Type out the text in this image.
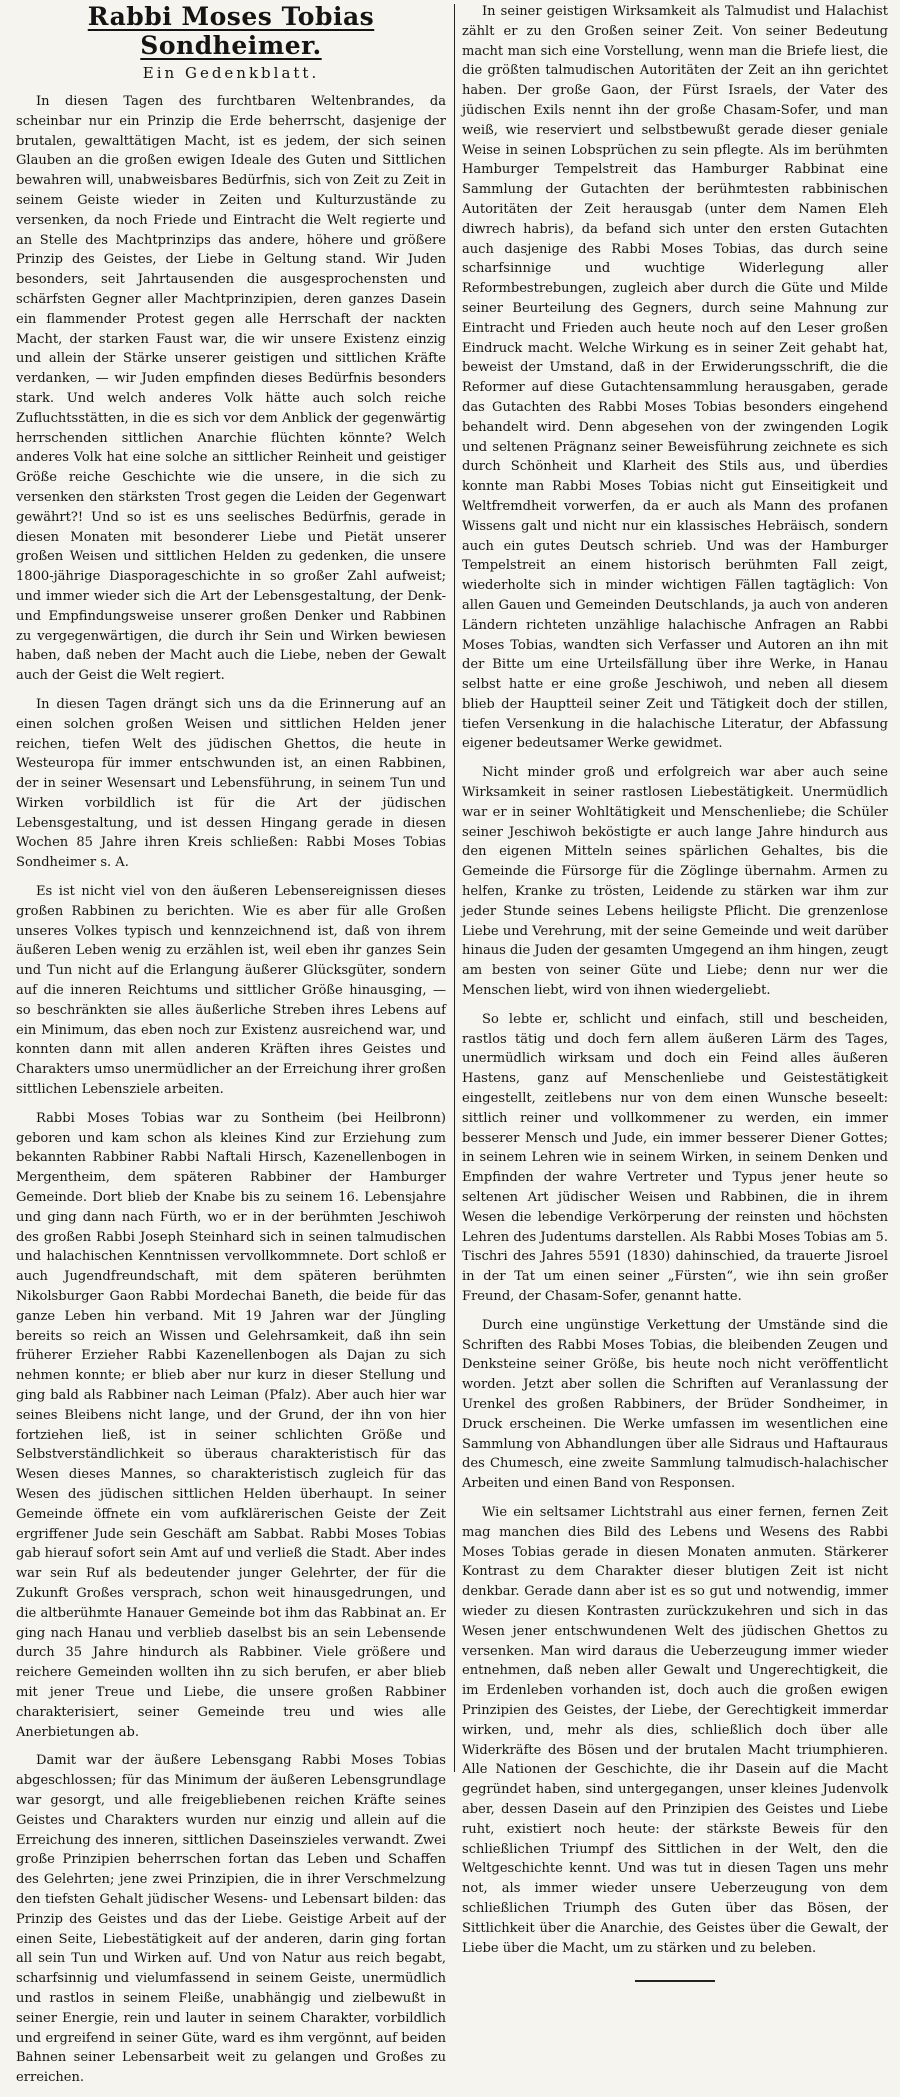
Rabbi Moses Tobias Sondheimer.
Ein Gedenkblatt.

In diesen Tagen des furchtbaren Weltenbrandes, da scheinbar nur ein Prinzip die Erde beherrscht, dasjenige der brutalen, gewalttätigen Macht, ist es jedem, der sich seinen Glauben an die großen ewigen Ideale des Guten und Sittlichen bewahren will, unabweisbares Bedürfnis, sich von Zeit zu Zeit in seinem Geiste wieder in Zeiten und Kulturzustände zu versenken, da noch Friede und Eintracht die Welt regierte und an Stelle des Machtprinzips das andere, höhere und größere Prinzip des Geistes, der Liebe in Geltung stand. Wir Juden besonders, seit Jahrtausenden die ausgesprochensten und schärfsten Gegner aller Machtprinzipien, deren ganzes Dasein ein flammender Protest gegen alle Herrschaft der nackten Macht, der starken Faust war, die wir unsere Existenz einzig und allein der Stärke unserer geistigen und sittlichen Kräfte verdanken, — wir Juden empfinden dieses Bedürfnis besonders stark. Und welch anderes Volk hätte auch solch reiche Zufluchtsstätten, in die es sich vor dem Anblick der gegenwärtig herrschenden sittlichen Anarchie flüchten könnte? Welch anderes Volk hat eine solche an sittlicher Reinheit und geistiger Größe reiche Geschichte wie die unsere, in die sich zu versenken den stärksten Trost gegen die Leiden der Gegenwart gewährt?! Und so ist es uns seelisches Bedürfnis, gerade in diesen Monaten mit besonderer Liebe und Pietät unserer großen Weisen und sittlichen Helden zu gedenken, die unsere 1800-jährige Diasporageschichte in so großer Zahl aufweist; und immer wieder sich die Art der Lebensgestaltung, der Denk- und Empfindungsweise unserer großen Denker und Rabbinen zu vergegenwärtigen, die durch ihr Sein und Wirken bewiesen haben, daß neben der Macht auch die Liebe, neben der Gewalt auch der Geist die Welt regiert.

In diesen Tagen drängt sich uns da die Erinnerung auf an einen solchen großen Weisen und sittlichen Helden jener reichen, tiefen Welt des jüdischen Ghettos, die heute in Westeuropa für immer entschwunden ist, an einen Rabbinen, der in seiner Wesensart und Lebensführung, in seinem Tun und Wirken vorbildlich ist für die Art der jüdischen Lebensgestaltung, und ist dessen Hingang gerade in diesen Wochen 85 Jahre ihren Kreis schließen: Rabbi Moses Tobias Sondheimer s. A.

Es ist nicht viel von den äußeren Lebensereignissen dieses großen Rabbinen zu berichten. Wie es aber für alle Großen unseres Volkes typisch und kennzeichnend ist, daß von ihrem äußeren Leben wenig zu erzählen ist, weil eben ihr ganzes Sein und Tun nicht auf die Erlangung äußerer Glücksgüter, sondern auf die inneren Reichtums und sittlicher Größe hinausging, — so beschränkten sie alles äußerliche Streben ihres Lebens auf ein Minimum, das eben noch zur Existenz ausreichend war, und konnten dann mit allen anderen Kräften ihres Geistes und Charakters umso unermüdlicher an der Erreichung ihrer großen sittlichen Lebensziele arbeiten.

Rabbi Moses Tobias war zu Sontheim (bei Heilbronn) geboren und kam schon als kleines Kind zur Erziehung zum bekannten Rabbiner Rabbi Naftali Hirsch, Kazenellenbogen in Mergentheim, dem späteren Rabbiner der Hamburger Gemeinde. Dort blieb der Knabe bis zu seinem 16. Lebensjahre und ging dann nach Fürth, wo er in der berühmten Jeschiwoh des großen Rabbi Joseph Steinhard sich in seinen talmudischen und halachischen Kenntnissen vervollkommnete. Dort schloß er auch Jugendfreundschaft, mit dem späteren berühmten Nikolsburger Gaon Rabbi Mordechai Baneth, die beide für das ganze Leben hin verband. Mit 19 Jahren war der Jüngling bereits so reich an Wissen und Gelehrsamkeit, daß ihn sein früherer Erzieher Rabbi Kazenellenbogen als Dajan zu sich nehmen konnte; er blieb aber nur kurz in dieser Stellung und ging bald als Rabbiner nach Leiman (Pfalz). Aber auch hier war seines Bleibens nicht lange, und der Grund, der ihn von hier fortziehen ließ, ist in seiner schlichten Größe und Selbstverständlichkeit so überaus charakteristisch für das Wesen dieses Mannes, so charakteristisch zugleich für das Wesen des jüdischen sittlichen Helden überhaupt. In seiner Gemeinde öffnete ein vom aufklärerischen Geiste der Zeit ergriffener Jude sein Geschäft am Sabbat. Rabbi Moses Tobias gab hierauf sofort sein Amt auf und verließ die Stadt. Aber indes war sein Ruf als bedeutender junger Gelehrter, der für die Zukunft Großes versprach, schon weit hinausgedrungen, und die altberühmte Hanauer Gemeinde bot ihm das Rabbinat an. Er ging nach Hanau und verblieb daselbst bis an sein Lebensende durch 35 Jahre hindurch als Rabbiner. Viele größere und reichere Gemeinden wollten ihn zu sich berufen, er aber blieb mit jener Treue und Liebe, die unsere großen Rabbiner charakterisiert, seiner Gemeinde treu und wies alle Anerbietungen ab.

Damit war der äußere Lebensgang Rabbi Moses Tobias abgeschlossen; für das Minimum der äußeren Lebensgrundlage war gesorgt, und alle freigebliebenen reichen Kräfte seines Geistes und Charakters wurden nur einzig und allein auf die Erreichung des inneren, sittlichen Daseinszieles verwandt. Zwei große Prinzipien beherrschen fortan das Leben und Schaffen des Gelehrten; jene zwei Prinzipien, die in ihrer Verschmelzung den tiefsten Gehalt jüdischer Wesens- und Lebensart bilden: das Prinzip des Geistes und das der Liebe. Geistige Arbeit auf der einen Seite, Liebestätigkeit auf der anderen, darin ging fortan all sein Tun und Wirken auf. Und von Natur aus reich begabt, scharfsinnig und vielumfassend in seinem Geiste, unermüdlich und rastlos in seinem Fleiße, unabhängig und zielbewußt in seiner Energie, rein und lauter in seinem Charakter, vorbildlich und ergreifend in seiner Güte, ward es ihm vergönnt, auf beiden Bahnen seiner Lebensarbeit weit zu gelangen und Großes zu erreichen.

In seiner geistigen Wirksamkeit als Talmudist und Halachist zählt er zu den Großen seiner Zeit. Von seiner Bedeutung macht man sich eine Vorstellung, wenn man die Briefe liest, die die größten talmudischen Autoritäten der Zeit an ihn gerichtet haben. Der große Gaon, der Fürst Israels, der Vater des jüdischen Exils nennt ihn der große Chasam-Sofer, und man weiß, wie reserviert und selbstbewußt gerade dieser geniale Weise in seinen Lobsprüchen zu sein pflegte. Als im berühmten Hamburger Tempelstreit das Hamburger Rabbinat eine Sammlung der Gutachten der berühmtesten rabbinischen Autoritäten der Zeit herausgab (unter dem Namen Eleh diwrech habris), da befand sich unter den ersten Gutachten auch dasjenige des Rabbi Moses Tobias, das durch seine scharfsinnige und wuchtige Widerlegung aller Reformbestrebungen, zugleich aber durch die Güte und Milde seiner Beurteilung des Gegners, durch seine Mahnung zur Eintracht und Frieden auch heute noch auf den Leser großen Eindruck macht. Welche Wirkung es in seiner Zeit gehabt hat, beweist der Umstand, daß in der Erwiderungsschrift, die die Reformer auf diese Gutachtensammlung herausgaben, gerade das Gutachten des Rabbi Moses Tobias besonders eingehend behandelt wird. Denn abgesehen von der zwingenden Logik und seltenen Prägnanz seiner Beweisführung zeichnete es sich durch Schönheit und Klarheit des Stils aus, und überdies konnte man Rabbi Moses Tobias nicht gut Einseitigkeit und Weltfremdheit vorwerfen, da er auch als Mann des profanen Wissens galt und nicht nur ein klassisches Hebräisch, sondern auch ein gutes Deutsch schrieb. Und was der Hamburger Tempelstreit an einem historisch berühmten Fall zeigt, wiederholte sich in minder wichtigen Fällen tagtäglich: Von allen Gauen und Gemeinden Deutschlands, ja auch von anderen Ländern richteten unzählige halachische Anfragen an Rabbi Moses Tobias, wandten sich Verfasser und Autoren an ihn mit der Bitte um eine Urteilsfällung über ihre Werke, in Hanau selbst hatte er eine große Jeschiwoh, und neben all diesem blieb der Hauptteil seiner Zeit und Tätigkeit doch der stillen, tiefen Versenkung in die halachische Literatur, der Abfassung eigener bedeutsamer Werke gewidmet.

Nicht minder groß und erfolgreich war aber auch seine Wirksamkeit in seiner rastlosen Liebestätigkeit. Unermüdlich war er in seiner Wohltätigkeit und Menschenliebe; die Schüler seiner Jeschiwoh beköstigte er auch lange Jahre hindurch aus den eigenen Mitteln seines spärlichen Gehaltes, bis die Gemeinde die Fürsorge für die Zöglinge übernahm. Armen zu helfen, Kranke zu trösten, Leidende zu stärken war ihm zur jeder Stunde seines Lebens heiligste Pflicht. Die grenzenlose Liebe und Verehrung, mit der seine Gemeinde und weit darüber hinaus die Juden der gesamten Umgegend an ihm hingen, zeugt am besten von seiner Güte und Liebe; denn nur wer die Menschen liebt, wird von ihnen wiedergeliebt.

So lebte er, schlicht und einfach, still und bescheiden, rastlos tätig und doch fern allem äußeren Lärm des Tages, unermüdlich wirksam und doch ein Feind alles äußeren Hastens, ganz auf Menschenliebe und Geistestätigkeit eingestellt, zeitlebens nur von dem einen Wunsche beseelt: sittlich reiner und vollkommener zu werden, ein immer besserer Mensch und Jude, ein immer besserer Diener Gottes; in seinem Lehren wie in seinem Wirken, in seinem Denken und Empfinden der wahre Vertreter und Typus jener heute so seltenen Art jüdischer Weisen und Rabbinen, die in ihrem Wesen die lebendige Verkörperung der reinsten und höchsten Lehren des Judentums darstellen. Als Rabbi Moses Tobias am 5. Tischri des Jahres 5591 (1830) dahinschied, da trauerte Jisroel in der Tat um einen seiner „Fürsten“, wie ihn sein großer Freund, der Chasam-Sofer, genannt hatte.

Durch eine ungünstige Verkettung der Umstände sind die Schriften des Rabbi Moses Tobias, die bleibenden Zeugen und Denksteine seiner Größe, bis heute noch nicht veröffentlicht worden. Jetzt aber sollen die Schriften auf Veranlassung der Urenkel des großen Rabbiners, der Brüder Sondheimer, in Druck erscheinen. Die Werke umfassen im wesentlichen eine Sammlung von Abhandlungen über alle Sidraus und Haftauraus des Chumesch, eine zweite Sammlung talmudisch-halachischer Arbeiten und einen Band von Responsen.

Wie ein seltsamer Lichtstrahl aus einer fernen, fernen Zeit mag manchen dies Bild des Lebens und Wesens des Rabbi Moses Tobias gerade in diesen Monaten anmuten. Stärkerer Kontrast zu dem Charakter dieser blutigen Zeit ist nicht denkbar. Gerade dann aber ist es so gut und notwendig, immer wieder zu diesen Kontrasten zurückzukehren und sich in das Wesen jener entschwundenen Welt des jüdischen Ghettos zu versenken. Man wird daraus die Ueberzeugung immer wieder entnehmen, daß neben aller Gewalt und Ungerechtigkeit, die im Erdenleben vorhanden ist, doch auch die großen ewigen Prinzipien des Geistes, der Liebe, der Gerechtigkeit immerdar wirken, und, mehr als dies, schließlich doch über alle Widerkräfte des Bösen und der brutalen Macht triumphieren. Alle Nationen der Geschichte, die ihr Dasein auf die Macht gegründet haben, sind untergegangen, unser kleines Judenvolk aber, dessen Dasein auf den Prinzipien des Geistes und Liebe ruht, existiert noch heute: der stärkste Beweis für den schließlichen Triumpf des Sittlichen in der Welt, den die Weltgeschichte kennt. Und was tut in diesen Tagen uns mehr not, als immer wieder unsere Ueberzeugung von dem schließlichen Triumph des Guten über das Bösen, der Sittlichkeit über die Anarchie, des Geistes über die Gewalt, der Liebe über die Macht, um zu stärken und zu beleben.
